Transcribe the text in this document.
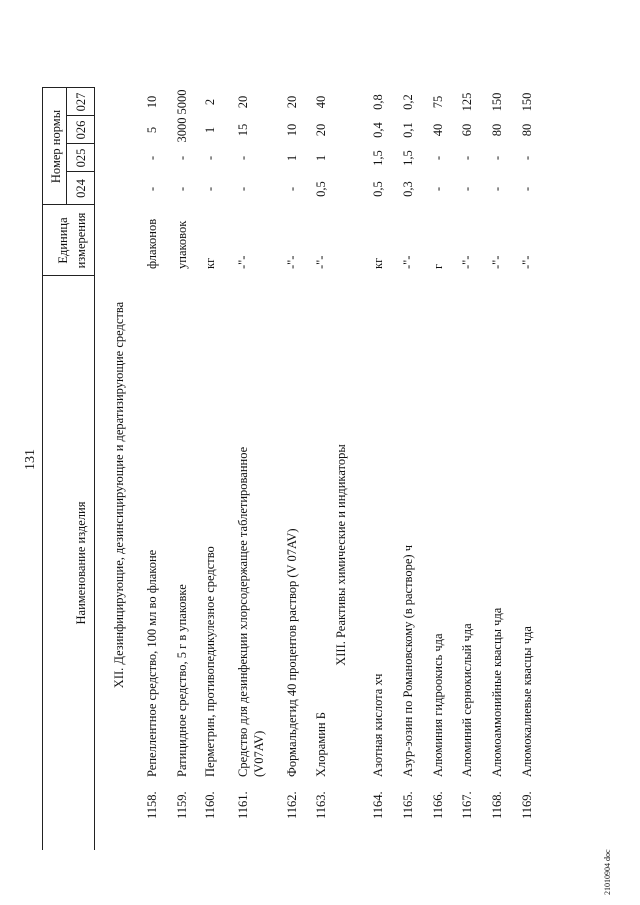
131
Наименование изделия
Единица измерения
Номер нормы
024
025
026
027
XII. Дезинфицирующие, дезинсицирующие и дератизирующие средства	XIII. Реактивы химические и индикаторы
1158.
Репеллентное средство, 100 мл во флаконе
флаконов
-
-
5
10
1159.
Ратицидное средство, 5 г в упаковке
упаковок
-
-
3000
5000
1160.
Перметрин, противопедикулезное средство
кг
-
-
1
2
1161.
Средство для дезинфекции хлорсодержащее таблетированное (V07AV)
-"-
-
-
15
20
1162.
Формальдегид 40 процентов раствор (V 07AV)
-"-
-
1
10
20
1163.
Хлорамин Б
-"-
0,5
1
20
40
1164.
Азотная кислота хч
кг
0,5
1,5
0,4
0,8
1165.
Азур-эозин по Романовскому (в растворе) ч
-"-
0,3
1,5
0,1
0,2
1166.
Алюминия гидроокись чда
г
-
-
40
75
1167.
Алюминий сернокислый чда
-"-
-
-
60
125
1168.
Алюмоаммонийные квасцы чда
-"-
-
-
80
150
1169.
Алюмокалиевые квасцы чда
-"-
-
-
80
150
21010904 doc
